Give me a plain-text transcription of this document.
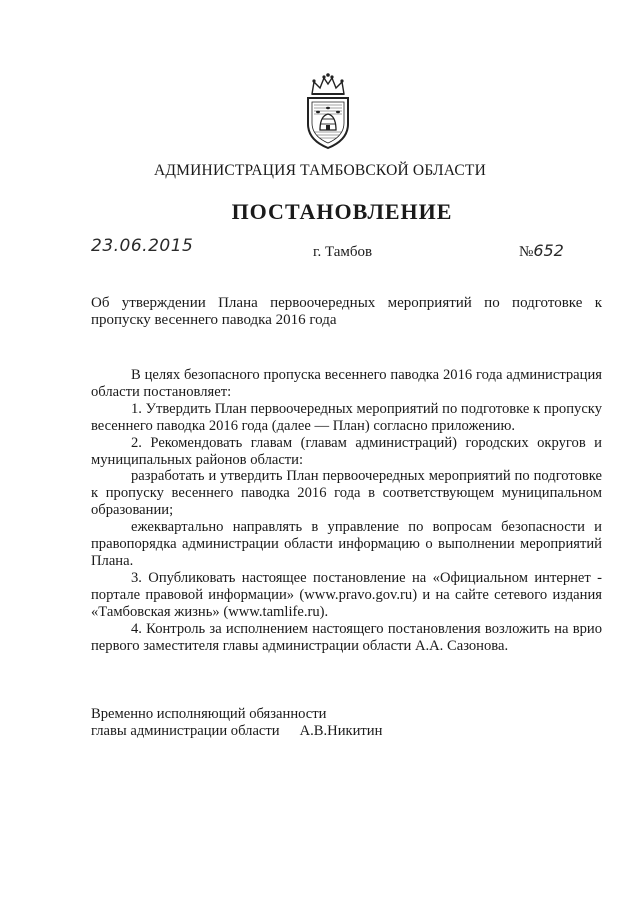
АДМИНИСТРАЦИЯ ТАМБОВСКОЙ ОБЛАСТИ
ПОСТАНОВЛЕНИЕ
23.06.2015	г. Тамбов	№652
Об утверждении Плана первоочередных мероприятий по подготовке к пропуску весеннего паводка 2016 года

В целях безопасного пропуска весеннего паводка 2016 года администрация области постановляет:

1. Утвердить План первоочередных мероприятий по подготовке к пропуску весеннего паводка 2016 года (далее — План) согласно приложению.

2. Рекомендовать главам (главам администраций) городских округов и муниципальных районов области:

разработать и утвердить План первоочередных мероприятий по подготовке к пропуску весеннего паводка 2016 года в соответствующем муниципальном образовании;

ежеквартально направлять в управление по вопросам безопасности и правопорядка администрации области информацию о выполнении мероприятий Плана.

3. Опубликовать настоящее постановление на «Официальном интернет - портале правовой информации» (www.pravo.gov.ru) и на сайте сетевого издания «Тамбовская жизнь» (www.tamlife.ru).

4. Контроль за исполнением настоящего постановления возложить на врио первого заместителя главы администрации области А.А. Сазонова.

Временно исполняющий обязанности
главы администрации области А.В.Никитин
